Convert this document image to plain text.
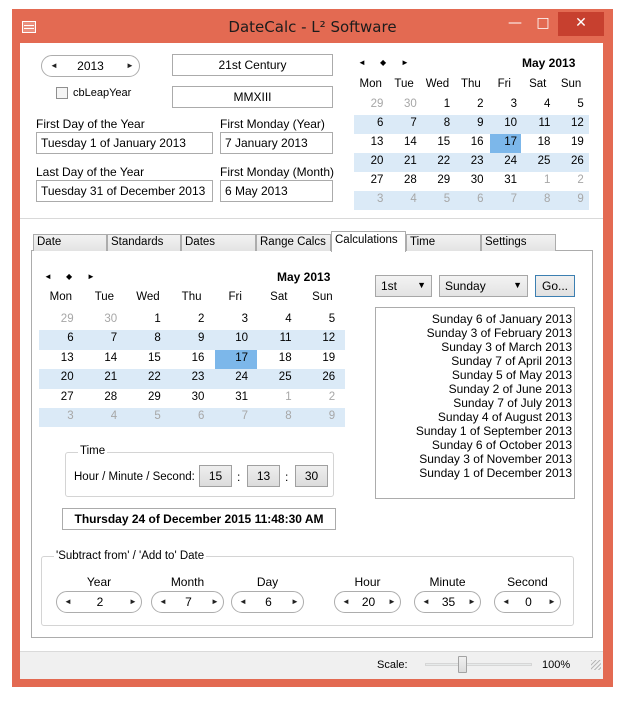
DateCalc - L² Software	—	□	✕
◄	2013	►
cbLeapYear
21st Century
MMXIII
First Day of the Year
Tuesday 1 of January 2013
First Monday (Year)
7 January 2013
Last Day of the Year
Tuesday 31 of December 2013
First Monday (Month)
6 May 2013
◄ ◆ ►	May 2013
Mon	Tue	Wed	Thu	Fri	Sat	Sun
29	30	1	2	3	4	5
6	7	8	9	10	11	12
13	14	15	16	17	18	19
20	21	22	23	24	25	26
27	28	29	30	31	1	2
3	4	5	6	7	8	9
Date	Standards	Dates	Range Calcs Calculations	Time	Settings
◄ ◆ ►	May 2013
Mon	Tue	Wed	Thu	Fri	Sat	Sun
29	30	1	2	3	4	5
6	7	8	9	10	11	12
13	14	15	16	17	18	19
20	21	22	23	24	25	26
27	28	29	30	31	1	2
3	4	5	6	7	8	9
1st ▼	Sunday	▼	Go...
Sunday 6 of January 2013
Sunday 3 of February 2013
Sunday 3 of March 2013
Sunday 7 of April 2013
Sunday 5 of May 2013
Sunday 2 of June 2013
Sunday 7 of July 2013
Sunday 4 of August 2013
Sunday 1 of September 2013
Sunday 6 of October 2013
Sunday 3 of November 2013
Sunday 1 of December 2013
Time
Hour / Minute / Second:	15	:	13	:	30
Thursday 24 of December 2015 11:48:30 AM
'Subtract from' / 'Add to' Date
Year
◄	2	►
Month
◄	7	►
Day
◄	6	►
Hour
◄ 20	►
Minute
◄ 35	►
Second
◄	0	►
Scale:	100%
